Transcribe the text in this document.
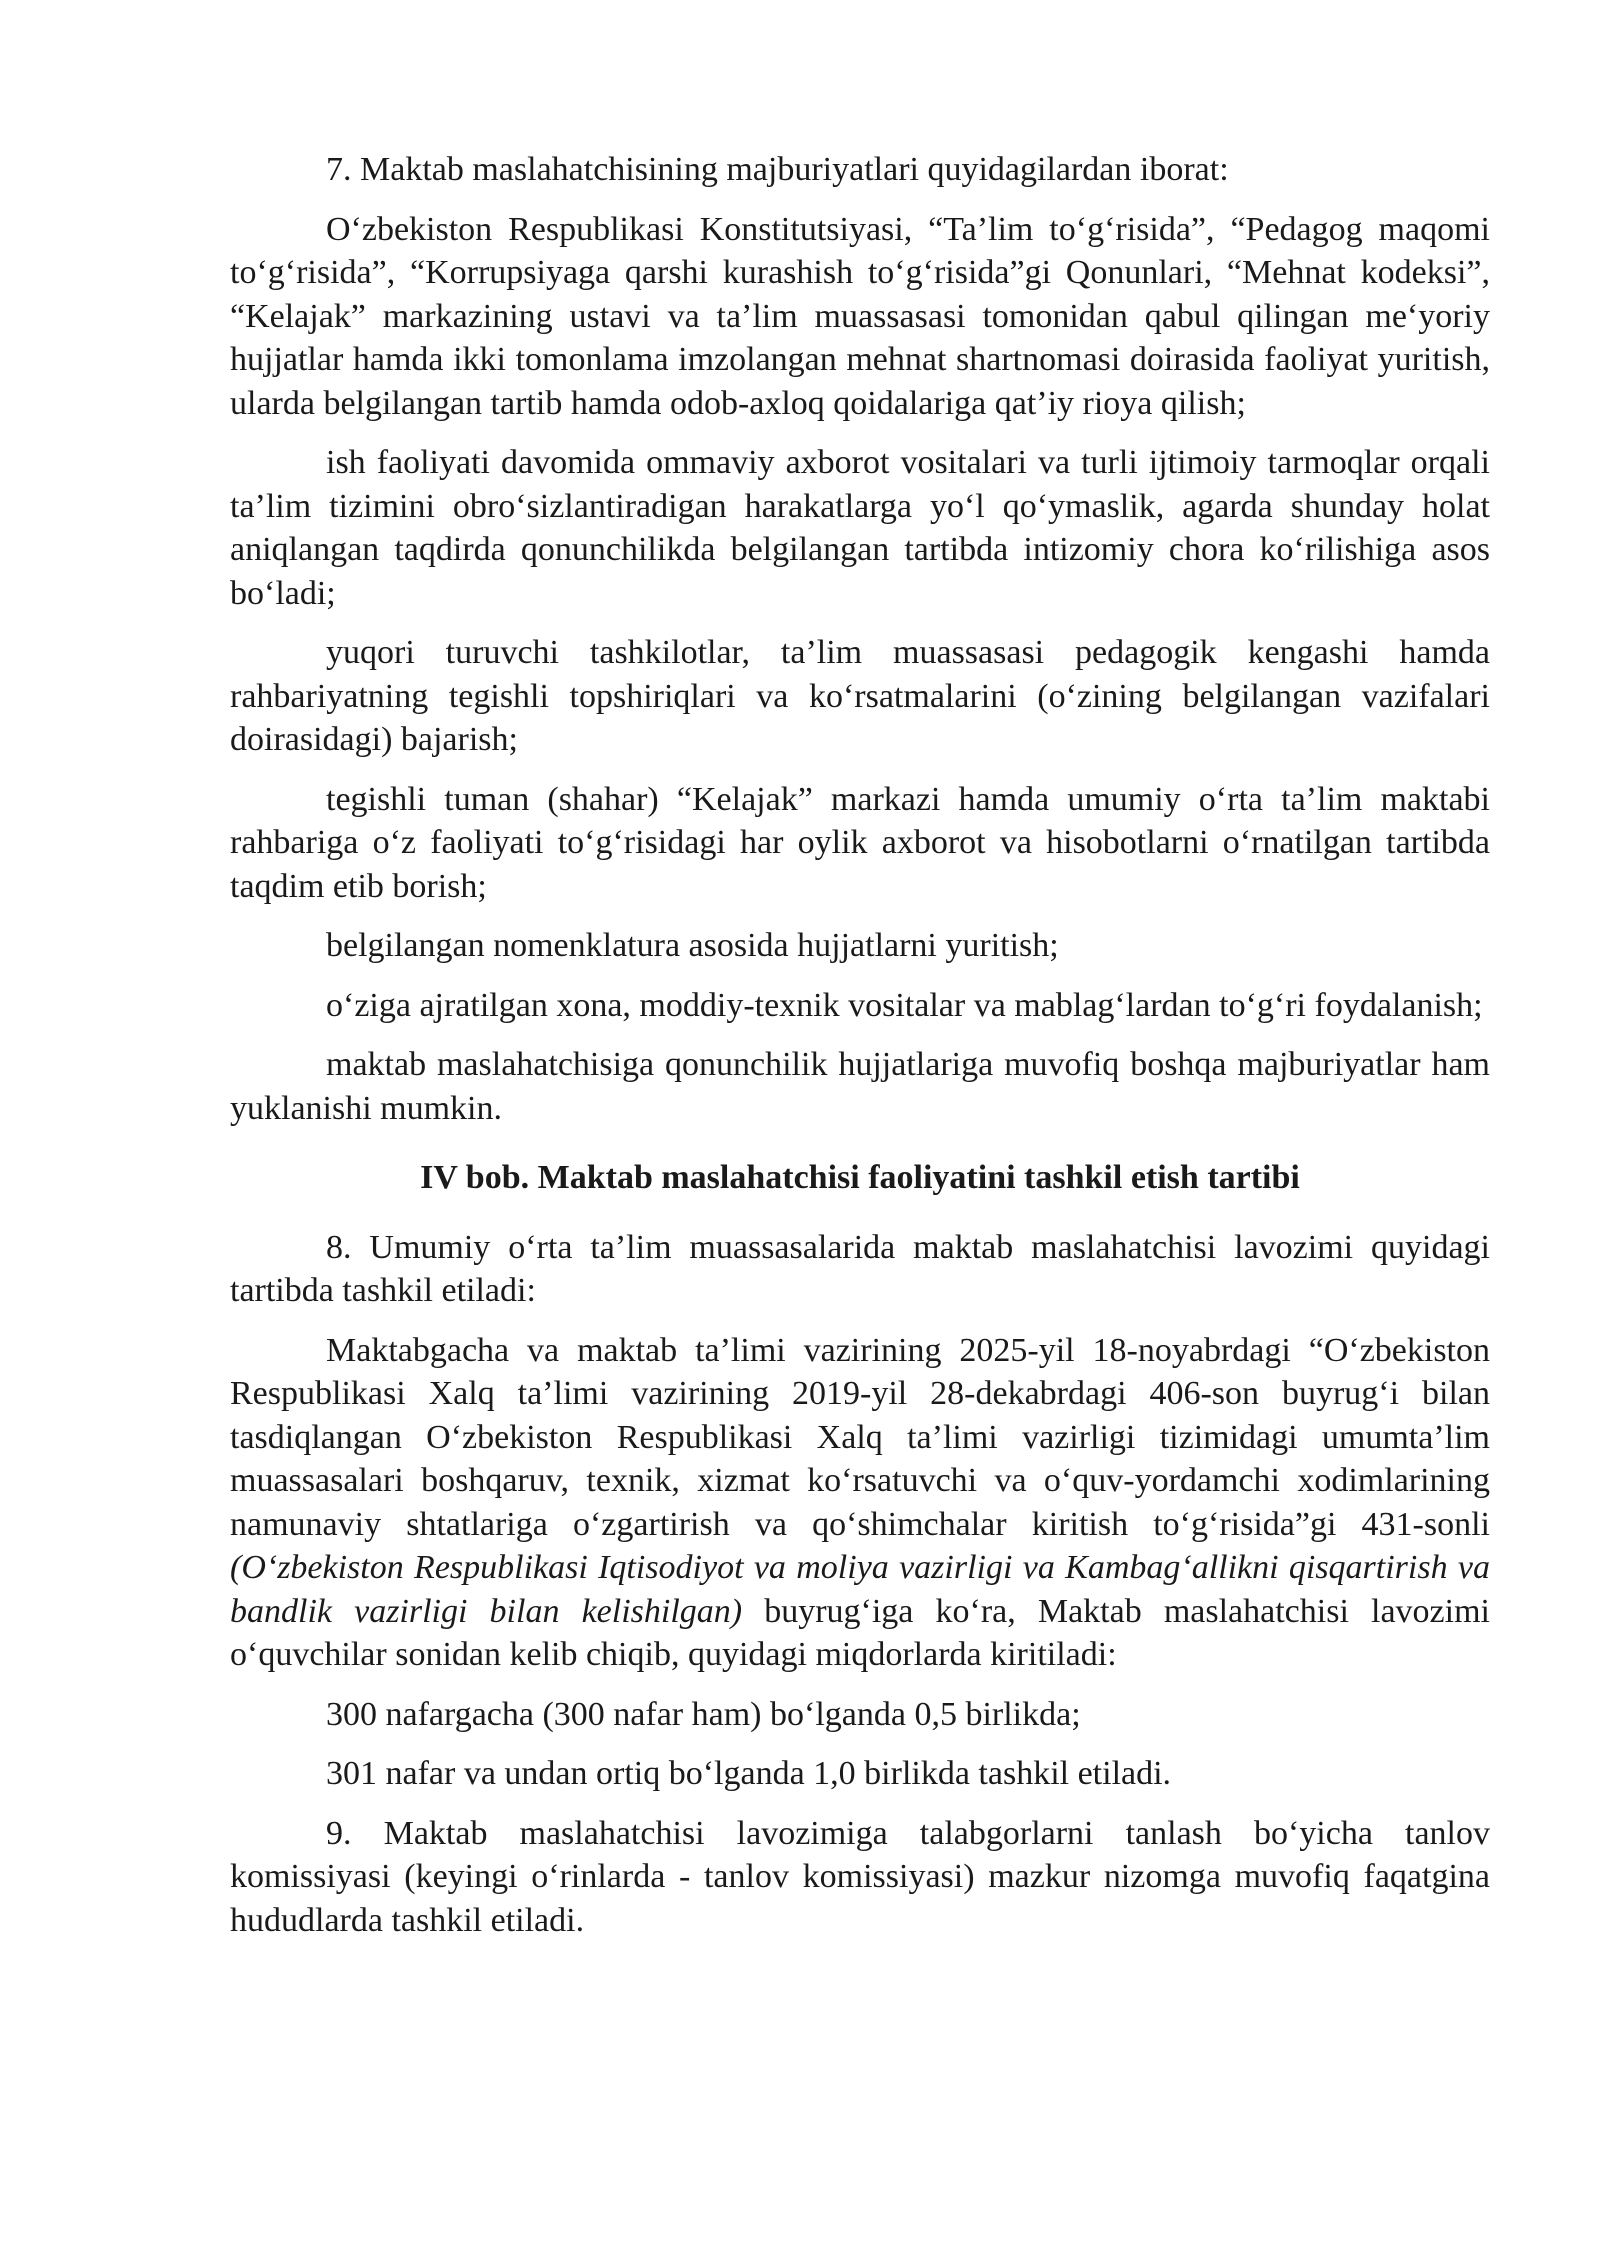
7. Maktab maslahatchisining majburiyatlari quyidagilardan iborat:

O‘zbekiston Respublikasi Konstitutsiyasi, “Ta’lim to‘g‘risida”, “Pedagog maqomi to‘g‘risida”, “Korrupsiyaga qarshi kurashish to‘g‘risida”gi Qonunlari, “Mehnat kodeksi”, “Kelajak” markazining ustavi va ta’lim muassasasi tomonidan qabul qilingan me‘yoriy hujjatlar hamda ikki tomonlama imzolangan mehnat shartnomasi doirasida faoliyat yuritish, ularda belgilangan tartib hamda odob-axloq qoidalariga qat’iy rioya qilish;

ish faoliyati davomida ommaviy axborot vositalari va turli ijtimoiy tarmoqlar orqali ta’lim tizimini obro‘sizlantiradigan harakatlarga yo‘l qo‘ymaslik, agarda shunday holat aniqlangan taqdirda qonunchilikda belgilangan tartibda intizomiy chora ko‘rilishiga asos bo‘ladi;

yuqori turuvchi tashkilotlar, ta’lim muassasasi pedagogik kengashi hamda rahbariyatning tegishli topshiriqlari va ko‘rsatmalarini (o‘zining belgilangan vazifalari doirasidagi) bajarish;

tegishli tuman (shahar) “Kelajak” markazi hamda umumiy o‘rta ta’lim maktabi rahbariga o‘z faoliyati to‘g‘risidagi har oylik axborot va hisobotlarni o‘rnatilgan tartibda taqdim etib borish;

belgilangan nomenklatura asosida hujjatlarni yuritish;

o‘ziga ajratilgan xona, moddiy-texnik vositalar va mablag‘lardan to‘g‘ri foydalanish;

maktab maslahatchisiga qonunchilik hujjatlariga muvofiq boshqa majburiyatlar ham yuklanishi mumkin.

IV bob. Maktab maslahatchisi faoliyatini tashkil etish tartibi

8. Umumiy o‘rta ta’lim muassasalarida maktab maslahatchisi lavozimi quyidagi tartibda tashkil etiladi:

Maktabgacha va maktab ta’limi vazirining 2025-yil 18-noyabrdagi “O‘zbekiston Respublikasi Xalq ta’limi vazirining 2019-yil 28-dekabrdagi 406-son buyrug‘i bilan tasdiqlangan O‘zbekiston Respublikasi Xalq ta’limi vazirligi tizimidagi umumta’lim muassasalari boshqaruv, texnik, xizmat ko‘rsatuvchi va o‘quv-yordamchi xodimlarining namunaviy shtatlariga o‘zgartirish va qo‘shimchalar kiritish to‘g‘risida”gi 431-sonli (O‘zbekiston Respublikasi Iqtisodiyot va moliya vazirligi va Kambag‘allikni qisqartirish va bandlik vazirligi bilan kelishilgan) buyrug‘iga ko‘ra, Maktab maslahatchisi lavozimi o‘quvchilar sonidan kelib chiqib, quyidagi miqdorlarda kiritiladi:

300 nafargacha (300 nafar ham) bo‘lganda 0,5 birlikda;

301 nafar va undan ortiq bo‘lganda 1,0 birlikda tashkil etiladi.

9. Maktab maslahatchisi lavozimiga talabgorlarni tanlash bo‘yicha tanlov komissiyasi (keyingi o‘rinlarda - tanlov komissiyasi) mazkur nizomga muvofiq faqatgina hududlarda tashkil etiladi.
